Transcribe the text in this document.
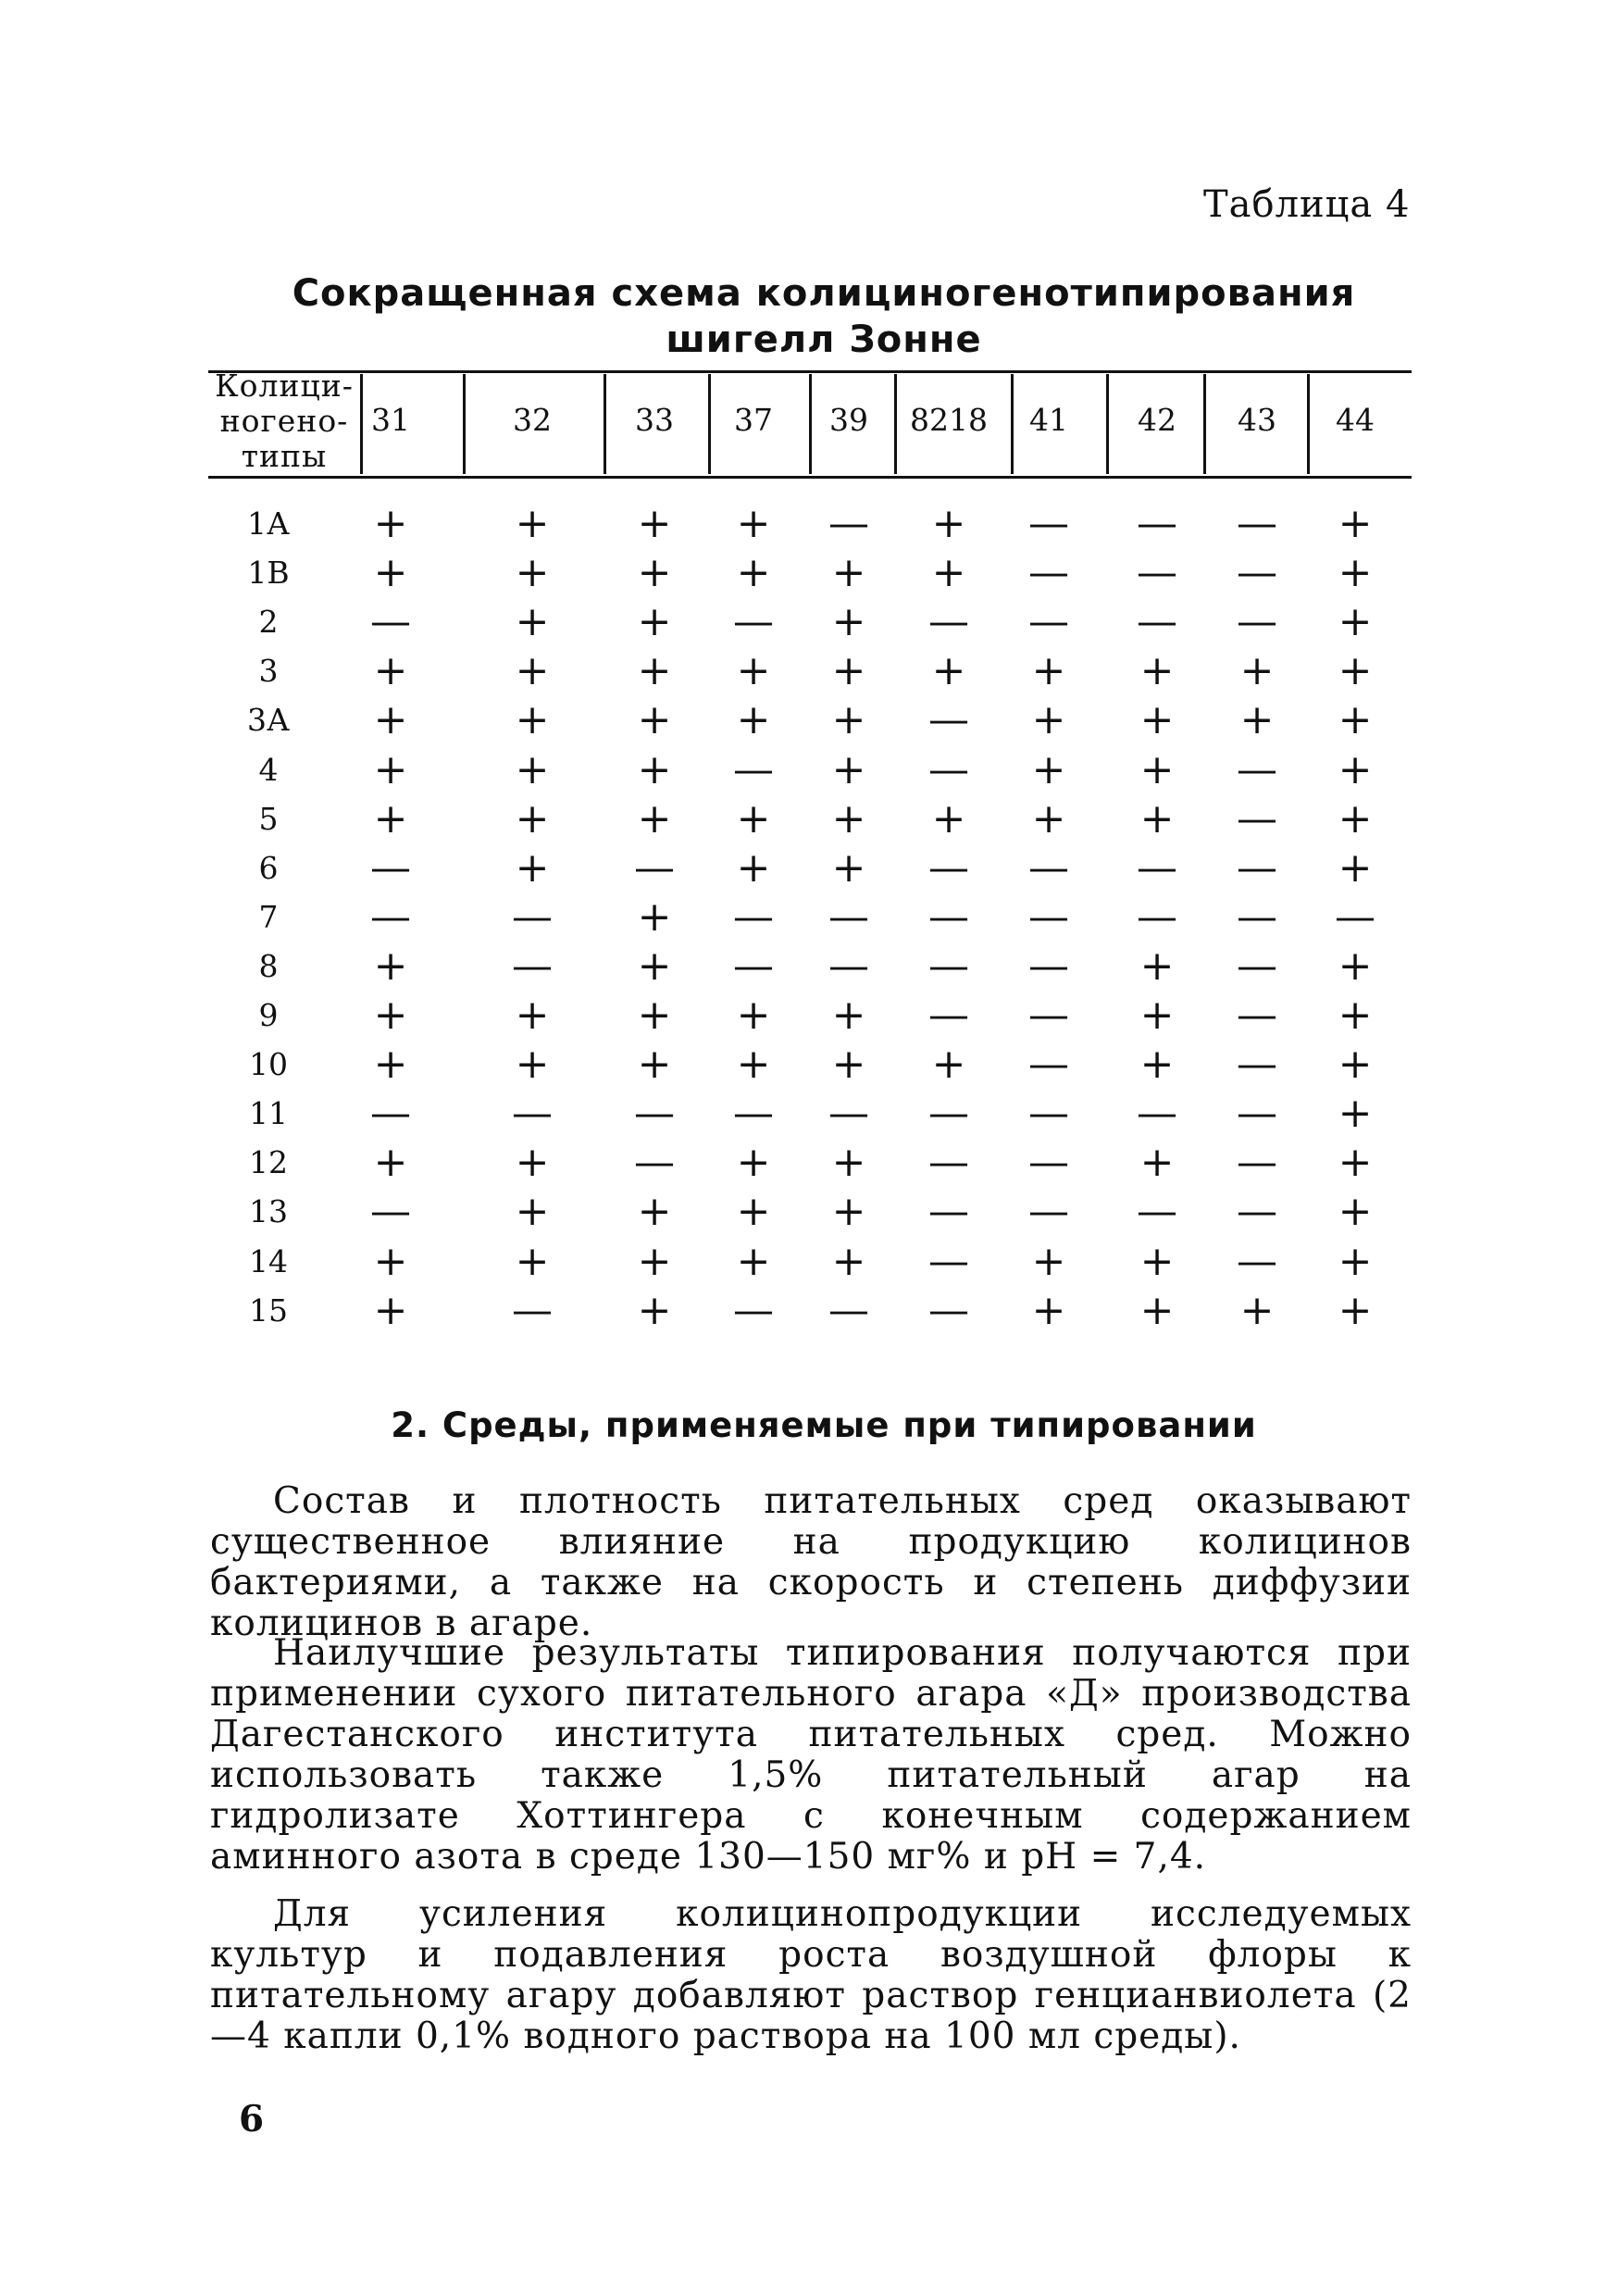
Таблица 4
Сокращенная схема колициногенотипирования
шигелл Зонне
Колици-
ногено-
типы
31	32	33 37 39 8218 41 42 43 44
1А	+	+ + + — + — — — +
1В	+	+ + + + + — — — +
2	—	+ + — + — — — — +
3	+	+ + + + + + + + +
3А	+	+ + + + — + + + +
4	+	+ + — + — + + — +
5	+	+ + + + + + + — +
6	—	+ — + + — — — — +
7	— — + — — — — — — —
8	+	— + — — — — + — +
9	+	+ + + + — — + — +
10	+	+ + + + + — + — +
11	— — — — — — — — — +
12	+	+ — + + — — + — +
13	—	+ + + + — — — — +
14	+	+ + + + — + + — +
15	+	— + — — — + + + +
2. Среды, применяемые при типировании

Состав и плотность питательных сред оказывают существенное влияние на продукцию колицинов бактериями, а также на скорость и степень диффузии колицинов в агаре.

Наилучшие результаты типирования получаются при применении сухого питательного агара «Д» производства Дагестанского института питательных сред. Можно использовать также 1,5% питательный агар на гидролизате Хоттингера с конечным содержанием аминного азота в среде 130—150 мг% и pH = 7,4.

Для усиления колицинопродукции исследуемых культур и подавления роста воздушной флоры к питательному агару добавляют раствор генцианвиолета (2—4 капли 0,1% водного раствора на 100 мл среды).

6
